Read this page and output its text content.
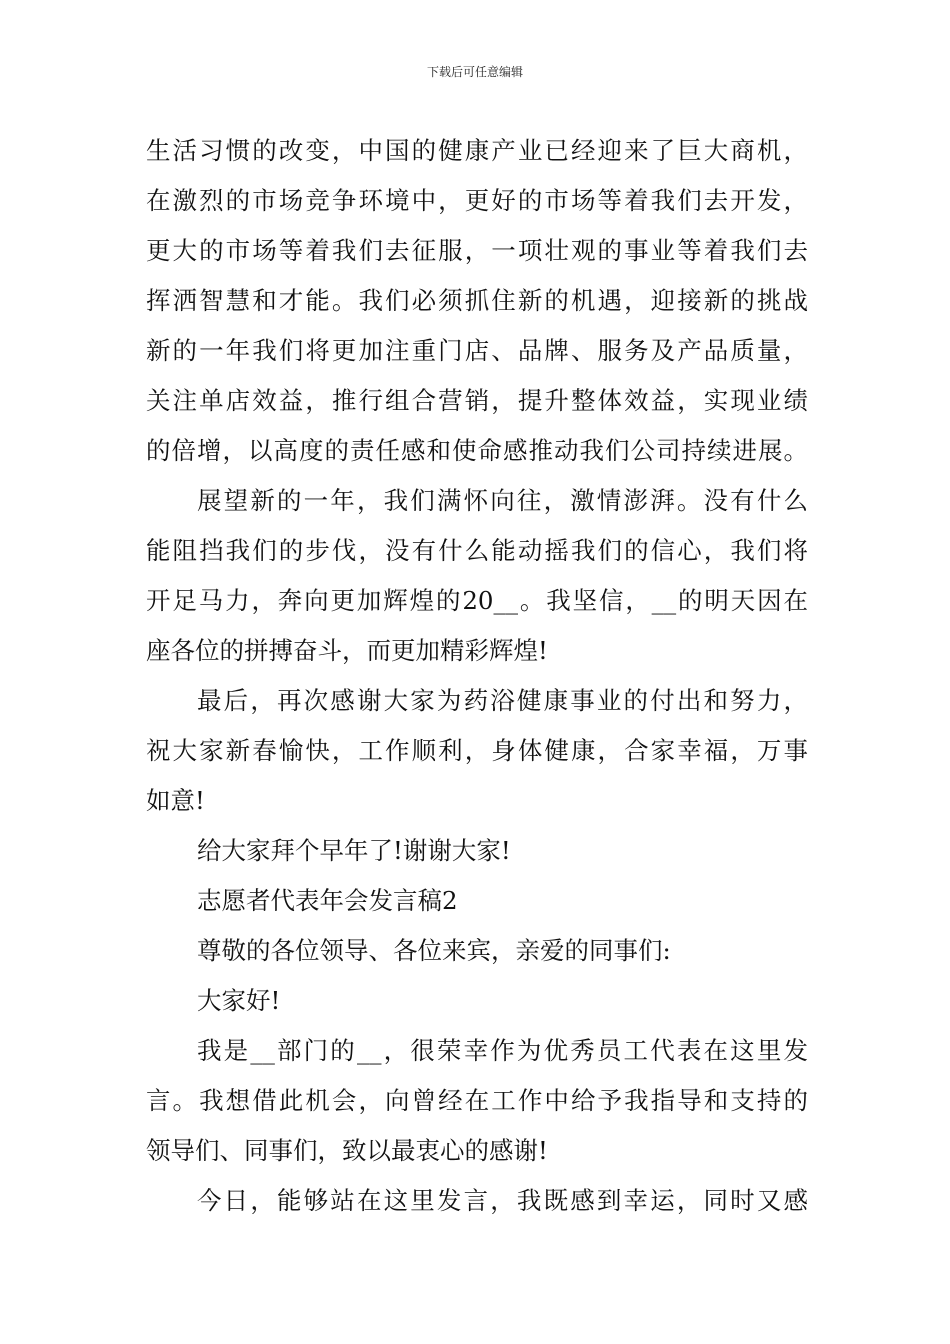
下载后可任意编辑
生活习惯的改变，中国的健康产业已经迎来了巨大商机，
在激烈的市场竞争环境中，更好的市场等着我们去开发，
更大的市场等着我们去征服，一项壮观的事业等着我们去
挥洒智慧和才能。我们必须抓住新的机遇，迎接新的挑战
新的一年我们将更加注重门店、品牌、服务及产品质量，
关注单店效益，推行组合营销，提升整体效益，实现业绩
的倍增，以高度的责任感和使命感推动我们公司持续进展。
展望新的一年，我们满怀向往，激情澎湃。没有什么
能阻挡我们的步伐，没有什么能动摇我们的信心，我们将
开足马力，奔向更加辉煌的20__。我坚信，__的明天因在
座各位的拼搏奋斗，而更加精彩辉煌!
最后，再次感谢大家为药浴健康事业的付出和努力，
祝大家新春愉快，工作顺利，身体健康，合家幸福，万事
如意!
给大家拜个早年了!谢谢大家!
志愿者代表年会发言稿2
尊敬的各位领导、各位来宾，亲爱的同事们:
大家好!
我是__部门的__，很荣幸作为优秀员工代表在这里发
言。我想借此机会，向曾经在工作中给予我指导和支持的
领导们、同事们，致以最衷心的感谢!
今日，能够站在这里发言，我既感到幸运，同时又感
